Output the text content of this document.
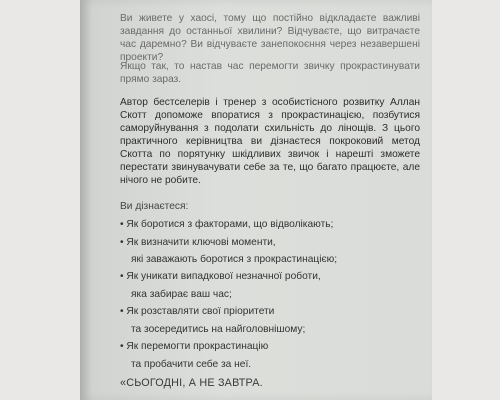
Ви живете у хаосі, тому що постійно відкладаєте важливі завдання до останньої хвилини? Відчуваєте, що витрачаєте час даремно? Ви відчуваєте занепокоєння через незавершені проекти?

Якщо так, то настав час перемогти звичку прокрастинувати прямо зараз.

Автор бестселерів і тренер з особистісного розвитку Аллан Скотт допоможе впоратися з прокрастинацією, позбутися саморуйнування з подолати схильність до лінощів. З цього практичного керівництва ви дізнаєтеся покроковий метод Скотта по порятунку шкідливих звичок і нарешті зможете перестати звинувачувати себе за те, що багато працюєте, але нічого не робите.

Ви дізнаєтеся:

• Як боротися з факторами, що відволікають;

• Як визначити ключові моменти,

які заважають боротися з прокрастинацією;

• Як уникати випадкової незначної роботи,

яка забирає ваш час;

• Як розставляти свої пріоритети

та зосередитись на найголовнішому;

• Як перемогти прокрастинацію

та пробачити себе за неї.

«СЬОГОДНІ, А НЕ ЗАВТРА.
